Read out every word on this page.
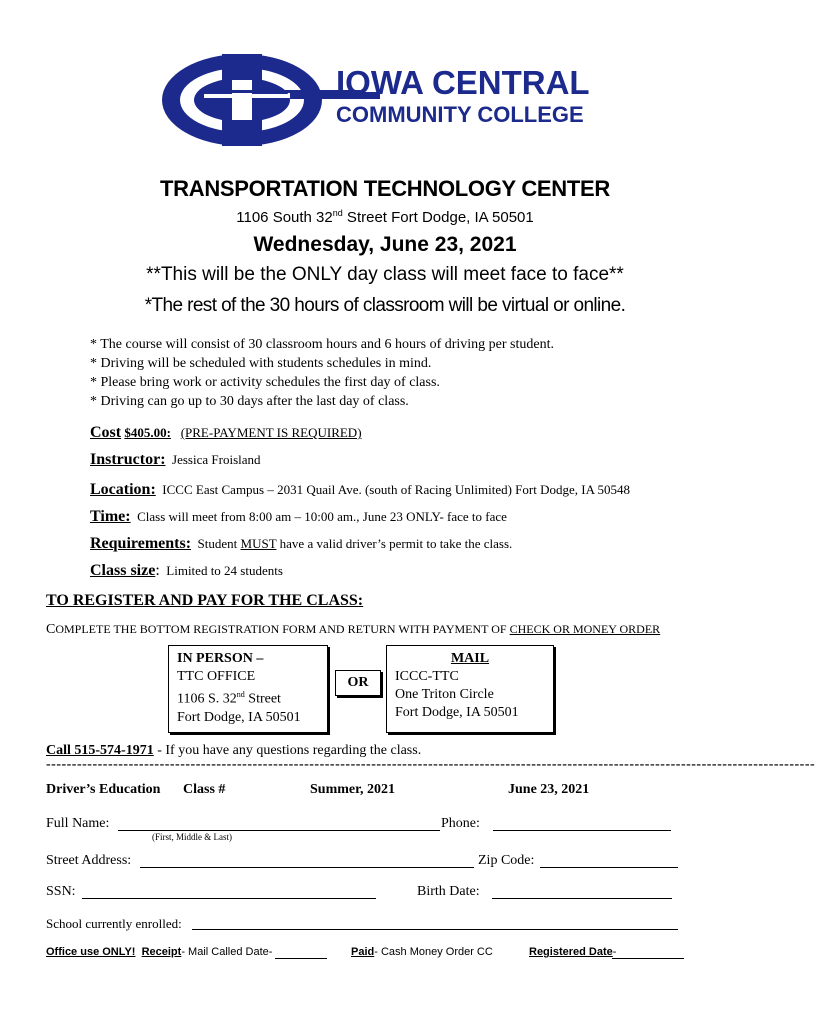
IOWA CENTRAL
COMMUNITY COLLEGE
TRANSPORTATION TECHNOLOGY CENTER
1106 South 32nd Street Fort Dodge, IA 50501
Wednesday, June 23, 2021
**This will be the ONLY day class will meet face to face**
*The rest of the 30 hours of classroom will be virtual or online.
* The course will consist of 30 classroom hours and 6 hours of driving per student.
* Driving will be scheduled with students schedules in mind.
* Please bring work or activity schedules the first day of class.
* Driving can go up to 30 days after the last day of class.
Cost $405.00: (PRE-PAYMENT IS REQUIRED)
Instructor: Jessica Froisland
Location: ICCC East Campus – 2031 Quail Ave. (south of Racing Unlimited) Fort Dodge, IA 50548
Time: Class will meet from 8:00 am – 10:00 am., June 23 ONLY- face to face
Requirements: Student MUST have a valid driver’s permit to take the class.
Class size: Limited to 24 students
TO REGISTER AND PAY FOR THE CLASS:
COMPLETE THE BOTTOM REGISTRATION FORM AND RETURN WITH PAYMENT OF CHECK OR MONEY ORDER
IN PERSON –
TTC OFFICE
1106 S. 32nd Street
Fort Dodge, IA 50501
OR
MAIL
ICCC-TTC
One Triton Circle
Fort Dodge, IA 50501
Call 515-574-1971 - If you have any questions regarding the class.
-----------------------------------------------------------------------------------------------------------------------------------------------------
Driver’s Education Class #	Summer, 2021	June 23, 2021
Full Name:
(First, Middle & Last)
Phone:
Street Address:	Zip Code:
SSN:	Birth Date:
School currently enrolled:
Office use ONLY! Receipt- Mail Called Date-	Paid- Cash Money Order CC	Registered Date-
